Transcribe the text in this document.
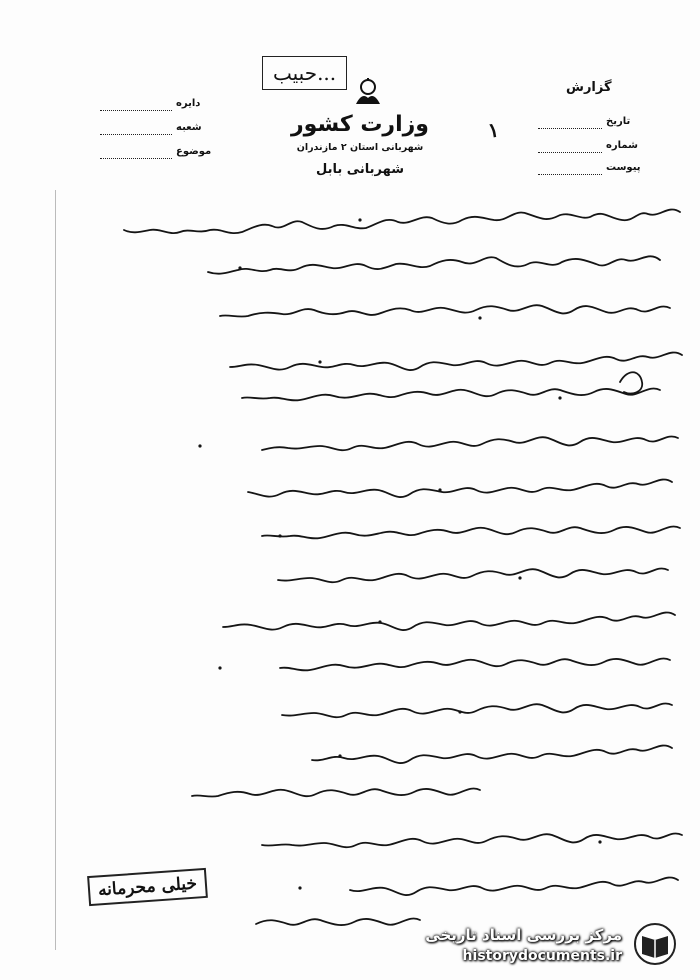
...حبیب
وزارت کشور
شهربانی استان ۲ مازندران
شهربانی بابل
گزارش
تاریخ
شماره
پیوست
دایره
شعبه
موضوع
۱
خیلی محرمانه
مرکز بررسی اسناد تاریخی
historydocuments.ir
